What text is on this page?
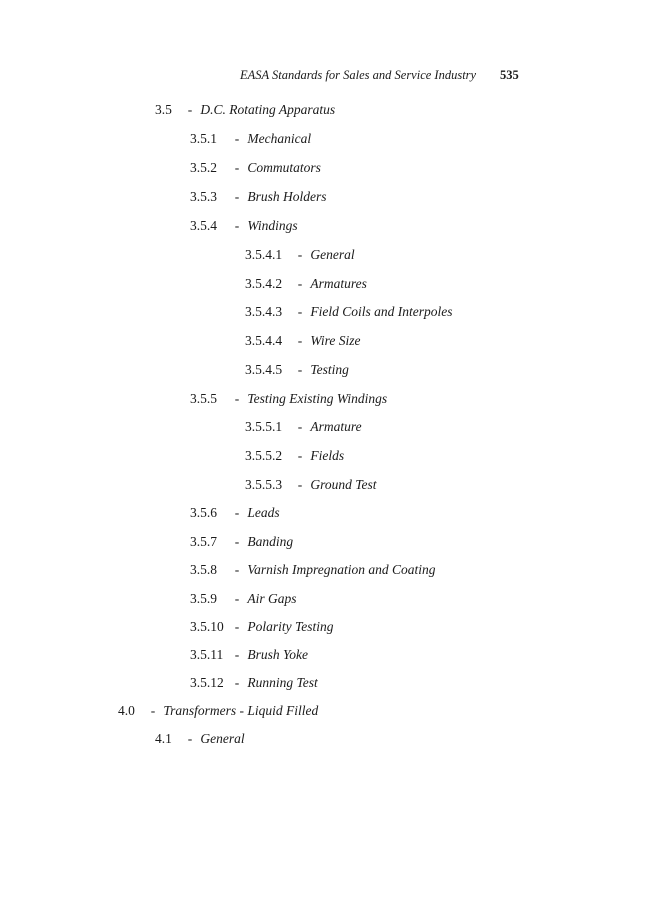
EASA Standards for Sales and Service Industry 535
3.5 - D.C. Rotating Apparatus
3.5.1 - Mechanical
3.5.2 - Commutators
3.5.3 - Brush Holders
3.5.4 - Windings
3.5.4.1 - General
3.5.4.2 - Armatures
3.5.4.3 - Field Coils and Interpoles
3.5.4.4 - Wire Size
3.5.4.5 - Testing
3.5.5 - Testing Existing Windings
3.5.5.1 - Armature
3.5.5.2 - Fields
3.5.5.3 - Ground Test
3.5.6 - Leads
3.5.7 - Banding
3.5.8 - Varnish Impregnation and Coating
3.5.9 - Air Gaps
3.5.10 - Polarity Testing
3.5.11 - Brush Yoke
3.5.12 - Running Test
4.0 - Transformers - Liquid Filled
4.1 - General
